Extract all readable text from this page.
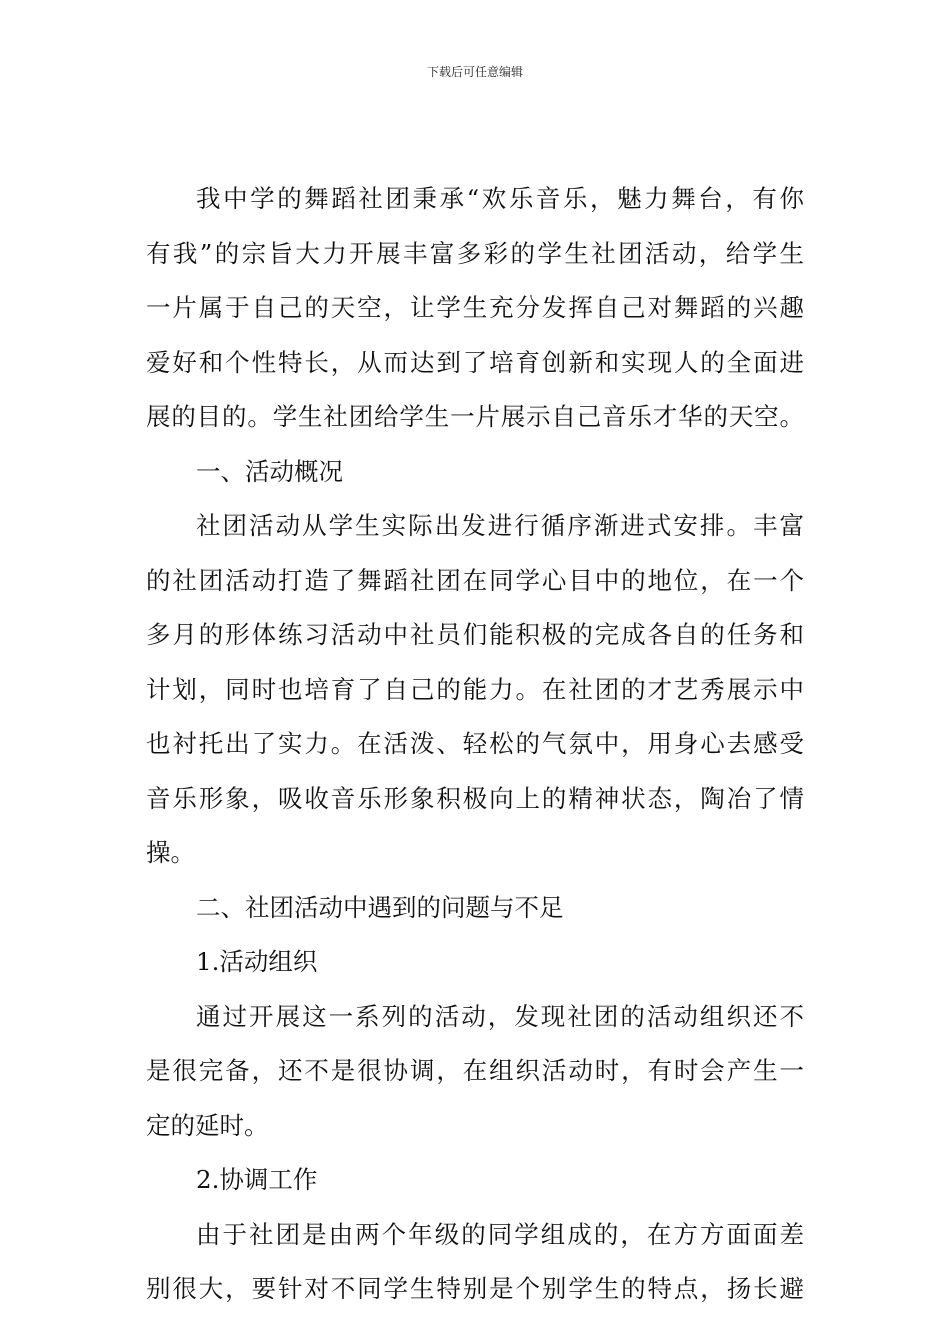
下载后可任意编辑
我中学的舞蹈社团秉承“欢乐音乐，魅力舞台，有你
有我”的宗旨大力开展丰富多彩的学生社团活动，给学生
一片属于自己的天空，让学生充分发挥自己对舞蹈的兴趣
爱好和个性特长，从而达到了培育创新和实现人的全面进
展的目的。学生社团给学生一片展示自己音乐才华的天空。
一、活动概况
社团活动从学生实际出发进行循序渐进式安排。丰富
的社团活动打造了舞蹈社团在同学心目中的地位，在一个
多月的形体练习活动中社员们能积极的完成各自的任务和
计划，同时也培育了自己的能力。在社团的才艺秀展示中
也衬托出了实力。在活泼、轻松的气氛中，用身心去感受
音乐形象，吸收音乐形象积极向上的精神状态，陶冶了情
操。
二、社团活动中遇到的问题与不足
1.活动组织
通过开展这一系列的活动，发现社团的活动组织还不
是很完备，还不是很协调，在组织活动时，有时会产生一
定的延时。
2.协调工作
由于社团是由两个年级的同学组成的，在方方面面差
别很大，要针对不同学生特别是个别学生的特点，扬长避
